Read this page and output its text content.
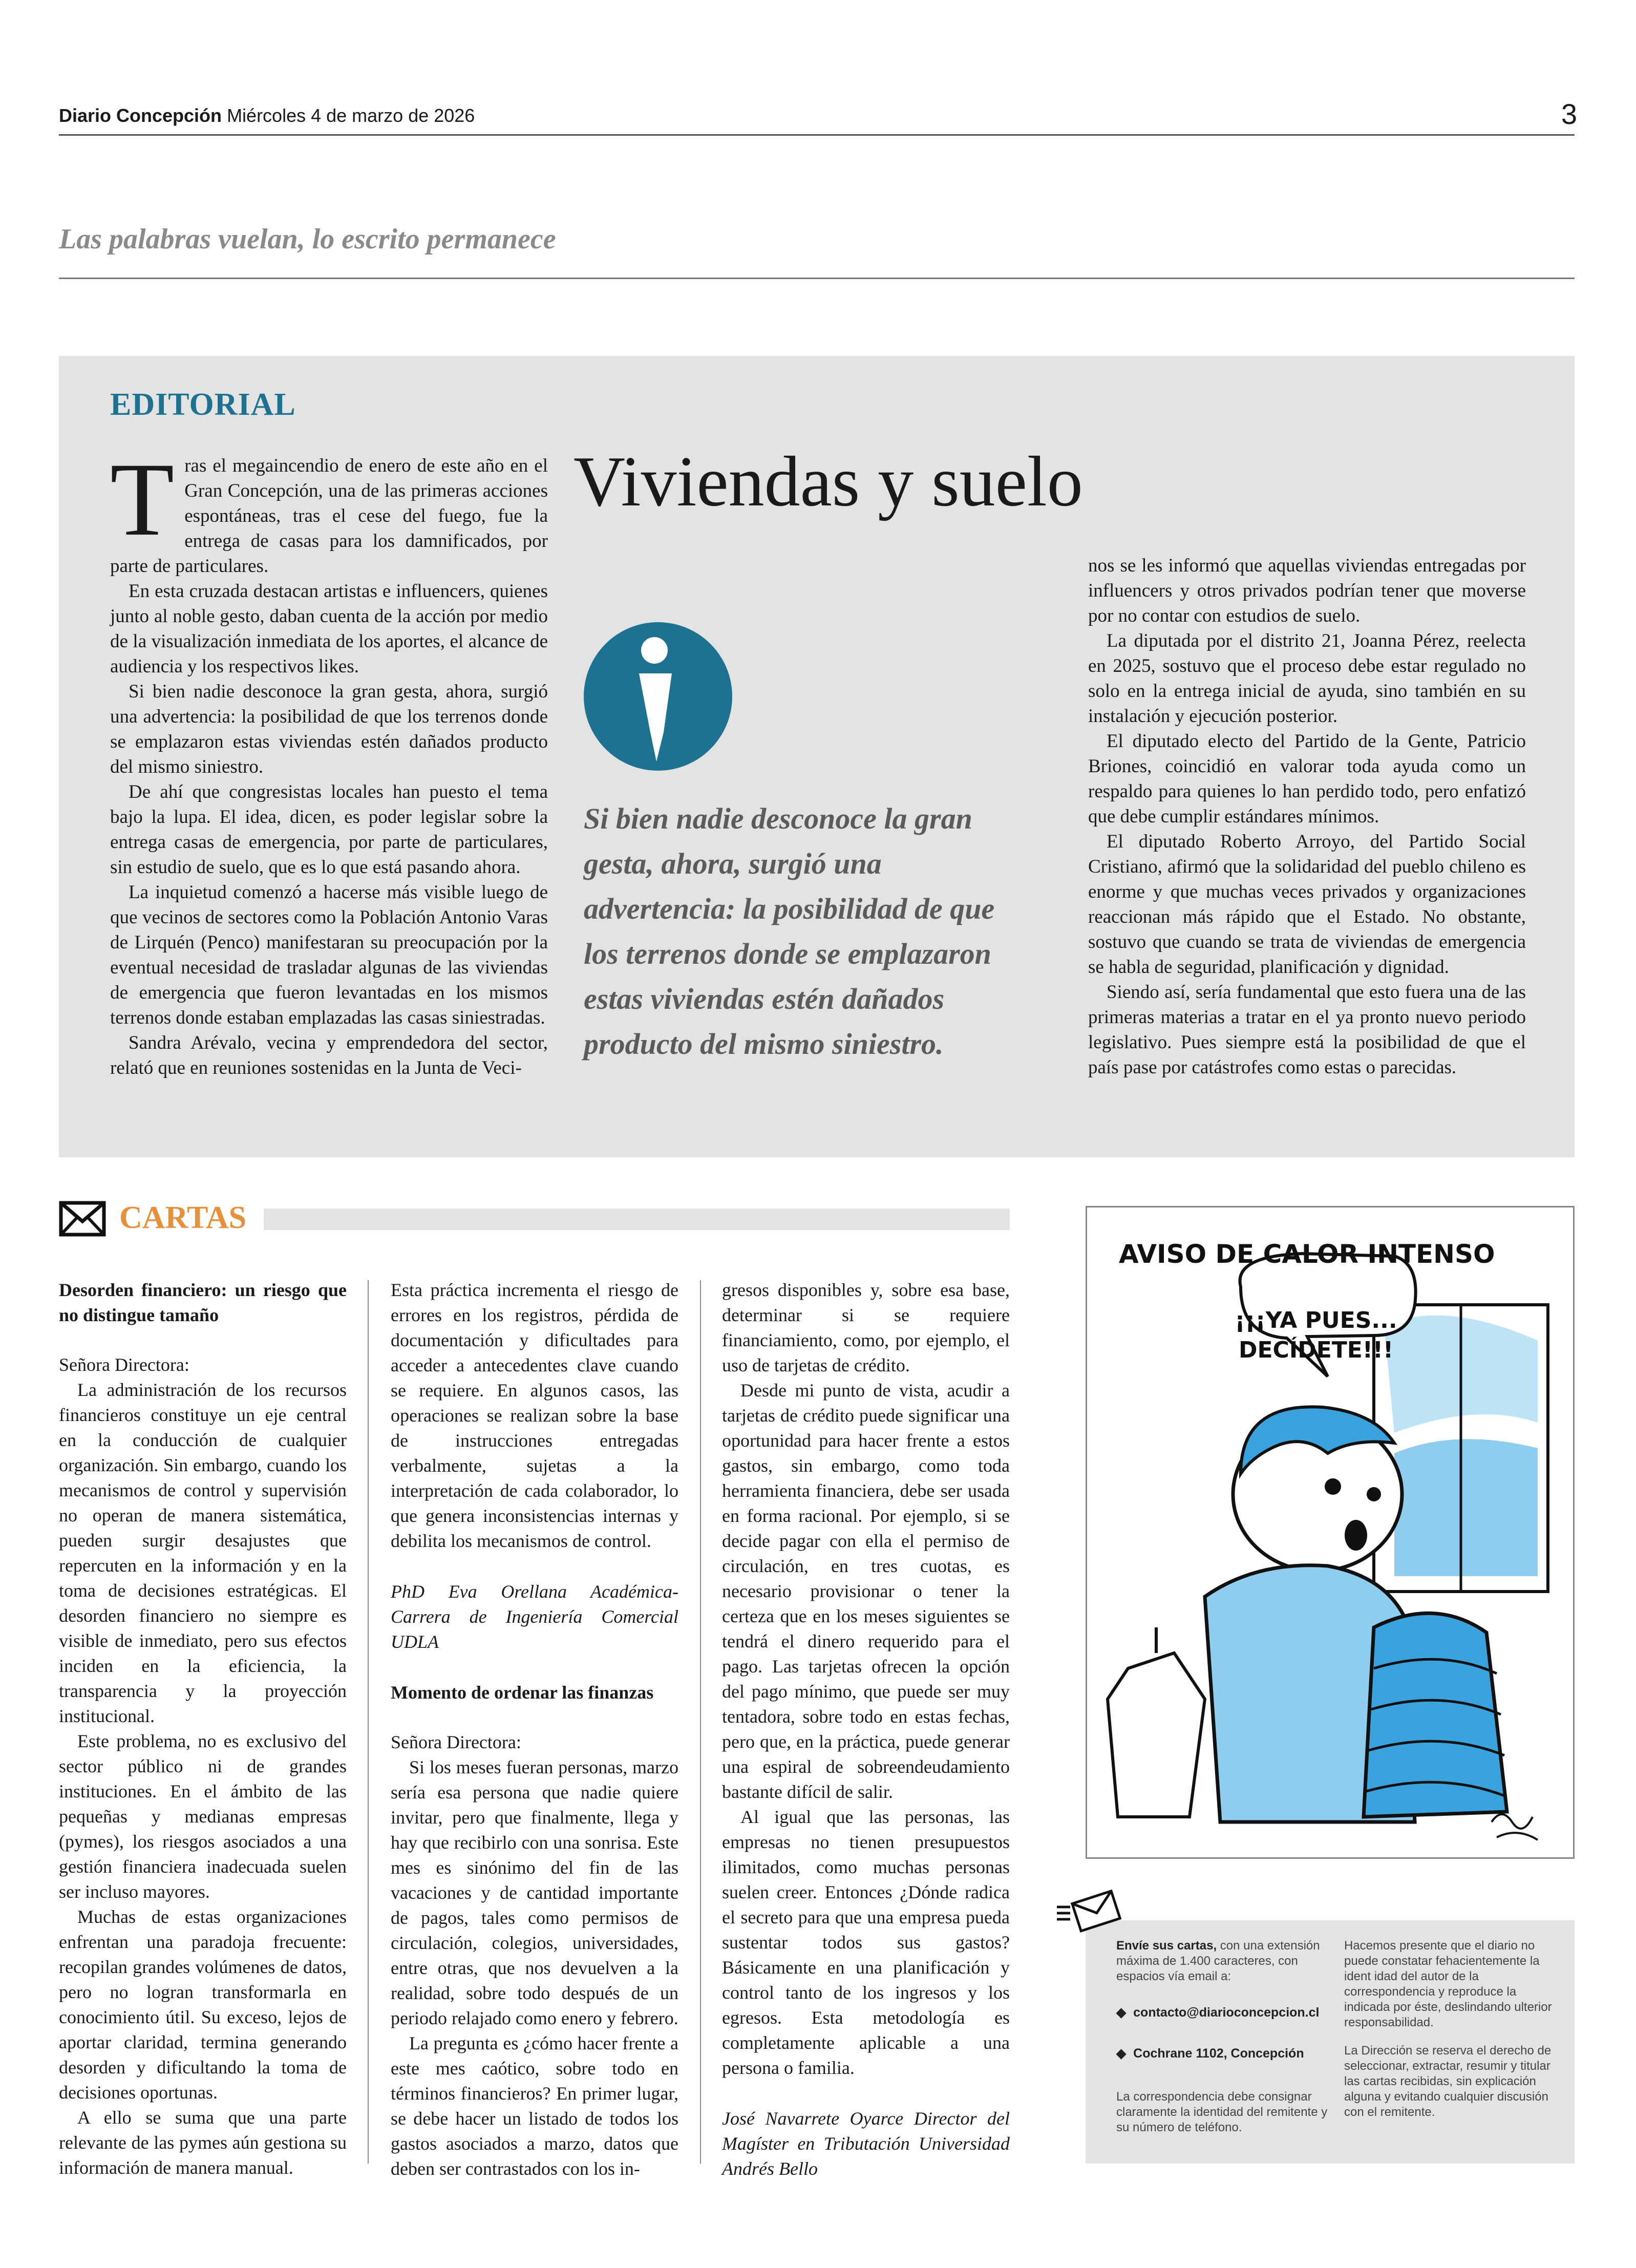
Diario Concepción Miércoles 4 de marzo de 2026	3
Las palabras vuelan, lo escrito permanece
EDITORIAL

Tras el megaincendio de enero de este año en el Gran Concepción, una de las primeras acciones espontáneas, tras el cese del fuego, fue la entrega de casas para los damnificados, por parte de particulares.

En esta cruzada destacan artistas e influencers, quienes junto al noble gesto, daban cuenta de la acción por medio de la visualización inmediata de los aportes, el alcance de audiencia y los respectivos likes.

Si bien nadie desconoce la gran gesta, ahora, surgió una advertencia: la posibilidad de que los terrenos donde se emplazaron estas viviendas estén dañados producto del mismo siniestro.

De ahí que congresistas locales han puesto el tema bajo la lupa. El idea, dicen, es poder legislar sobre la entrega casas de emergencia, por parte de particulares, sin estudio de suelo, que es lo que está pasando ahora.

La inquietud comenzó a hacerse más visible luego de que vecinos de sectores como la Población Antonio Varas de Lirquén (Penco) manifestaran su preocupación por la eventual necesidad de trasladar algunas de las viviendas de emergencia que fueron levantadas en los mismos terrenos donde estaban emplazadas las casas siniestradas.

Sandra Arévalo, vecina y emprendedora del sector, relató que en reuniones sostenidas en la Junta de Veci-

Viviendas y suelo
Si bien nadie desconoce la gran gesta, ahora, surgió una advertencia: la posibilidad de que los terrenos donde se emplazaron estas viviendas estén dañados producto del mismo siniestro.

nos se les informó que aquellas viviendas entregadas por influencers y otros privados podrían tener que moverse por no contar con estudios de suelo.

La diputada por el distrito 21, Joanna Pérez, reelecta en 2025, sostuvo que el proceso debe estar regulado no solo en la entrega inicial de ayuda, sino también en su instalación y ejecución posterior.

El diputado electo del Partido de la Gente, Patricio Briones, coincidió en valorar toda ayuda como un respaldo para quienes lo han perdido todo, pero enfatizó que debe cumplir estándares mínimos.

El diputado Roberto Arroyo, del Partido Social Cristiano, afirmó que la solidaridad del pueblo chileno es enorme y que muchas veces privados y organizaciones reaccionan más rápido que el Estado. No obstante, sostuvo que cuando se trata de viviendas de emergencia se habla de seguridad, planificación y dignidad.

Siendo así, sería fundamental que esto fuera una de las primeras materias a tratar en el ya pronto nuevo periodo legislativo. Pues siempre está la posibilidad de que el país pase por catástrofes como estas o parecidas.

CARTAS

Desorden financiero: un riesgo que no distingue tamaño

Señora Directora:

La administración de los recursos financieros constituye un eje central en la conducción de cualquier organización. Sin embargo, cuando los mecanismos de control y supervisión no operan de manera sistemática, pueden surgir desajustes que repercuten en la información y en la toma de decisiones estratégicas. El desorden financiero no siempre es visible de inmediato, pero sus efectos inciden en la eficiencia, la transparencia y la proyección institucional.

Este problema, no es exclusivo del sector público ni de grandes instituciones. En el ámbito de las pequeñas y medianas empresas (pymes), los riesgos asociados a una gestión financiera inadecuada suelen ser incluso mayores.

Muchas de estas organizaciones enfrentan una paradoja frecuente: recopilan grandes volúmenes de datos, pero no logran transformarla en conocimiento útil. Su exceso, lejos de aportar claridad, termina generando desorden y dificultando la toma de decisiones oportunas.

A ello se suma que una parte relevante de las pymes aún gestiona su información de manera manual.

Esta práctica incrementa el riesgo de errores en los registros, pérdida de documentación y dificultades para acceder a antecedentes clave cuando se requiere. En algunos casos, las operaciones se realizan sobre la base de instrucciones entregadas verbalmente, sujetas a la interpretación de cada colaborador, lo que genera inconsistencias internas y debilita los mecanismos de control.

PhD Eva Orellana Académica-Carrera de Ingeniería Comercial UDLA

Momento de ordenar las finanzas

Señora Directora:

Si los meses fueran personas, marzo sería esa persona que nadie quiere invitar, pero que finalmente, llega y hay que recibirlo con una sonrisa. Este mes es sinónimo del fin de las vacaciones y de cantidad importante de pagos, tales como permisos de circulación, colegios, universidades, entre otras, que nos devuelven a la realidad, sobre todo después de un periodo relajado como enero y febrero.

La pregunta es ¿cómo hacer frente a este mes caótico, sobre todo en términos financieros? En primer lugar, se debe hacer un listado de todos los gastos asociados a marzo, datos que deben ser contrastados con los in-

gresos disponibles y, sobre esa base, determinar si se requiere financiamiento, como, por ejemplo, el uso de tarjetas de crédito.

Desde mi punto de vista, acudir a tarjetas de crédito puede significar una oportunidad para hacer frente a estos gastos, sin embargo, como toda herramienta financiera, debe ser usada en forma racional. Por ejemplo, si se decide pagar con ella el permiso de circulación, en tres cuotas, es necesario provisionar o tener la certeza que en los meses siguientes se tendrá el dinero requerido para el pago. Las tarjetas ofrecen la opción del pago mínimo, que puede ser muy tentadora, sobre todo en estas fechas, pero que, en la práctica, puede generar una espiral de sobreendeudamiento bastante difícil de salir.

Al igual que las personas, las empresas no tienen presupuestos ilimitados, como muchas personas suelen creer. Entonces ¿Dónde radica el secreto para que una empresa pueda sustentar todos sus gastos? Básicamente en una planificación y control tanto de los ingresos y los egresos. Esta metodología es completamente aplicable a una persona o familia.

José Navarrete Oyarce Director del Magíster en Tributación Universidad Andrés Bello

AVISO DE CALOR INTENSO
¡¡¡YA PUES... DECÍDETE!!!
Envíe sus cartas, con una extensión máxima de 1.400 caracteres, con espacios vía email a:
◆ contacto@diarioconcepcion.cl
◆ Cochrane 1102, Concepción
La correspondencia debe consignar claramente la identidad del remitente y su número de teléfono.
Hacemos presente que el diario no puede constatar fehacientemente la ident idad del autor de la correspondencia y reproduce la indicada por éste, deslindando ulterior responsabilidad.
La Dirección se reserva el derecho de seleccionar, extractar, resumir y titular las cartas recibidas, sin explicación alguna y evitando cualquier discusión con el remitente.
